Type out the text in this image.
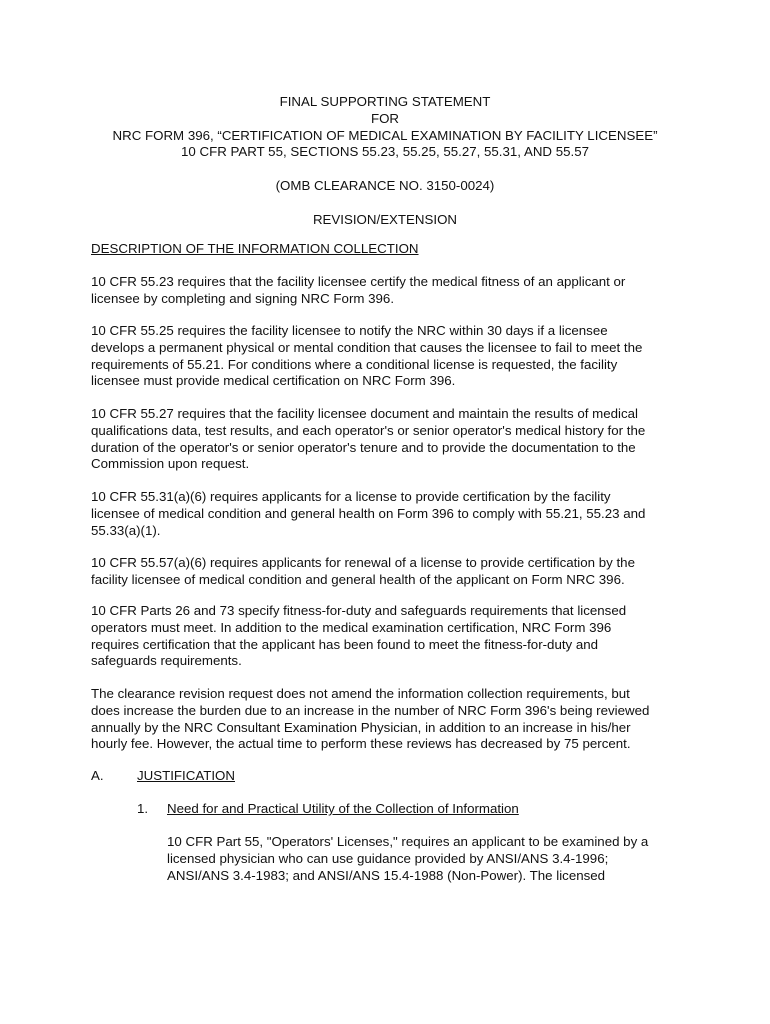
FINAL SUPPORTING STATEMENT
FOR
NRC FORM 396, “CERTIFICATION OF MEDICAL EXAMINATION BY FACILITY LICENSEE”
10 CFR PART 55, SECTIONS 55.23, 55.25, 55.27, 55.31, AND 55.57
(OMB CLEARANCE NO. 3150-0024)
REVISION/EXTENSION
DESCRIPTION OF THE INFORMATION COLLECTION
10 CFR 55.23 requires that the facility licensee certify the medical fitness of an applicant or
licensee by completing and signing NRC Form 396.
10 CFR 55.25 requires the facility licensee to notify the NRC within 30 days if a licensee
develops a permanent physical or mental condition that causes the licensee to fail to meet the
requirements of 55.21. For conditions where a conditional license is requested, the facility
licensee must provide medical certification on NRC Form 396.
10 CFR 55.27 requires that the facility licensee document and maintain the results of medical
qualifications data, test results, and each operator's or senior operator's medical history for the
duration of the operator's or senior operator's tenure and to provide the documentation to the
Commission upon request.
10 CFR 55.31(a)(6) requires applicants for a license to provide certification by the facility
licensee of medical condition and general health on Form 396 to comply with 55.21, 55.23 and
55.33(a)(1).
10 CFR 55.57(a)(6) requires applicants for renewal of a license to provide certification by the
facility licensee of medical condition and general health of the applicant on Form NRC 396.
10 CFR Parts 26 and 73 specify fitness-for-duty and safeguards requirements that licensed
operators must meet. In addition to the medical examination certification, NRC Form 396
requires certification that the applicant has been found to meet the fitness-for-duty and
safeguards requirements.
The clearance revision request does not amend the information collection requirements, but
does increase the burden due to an increase in the number of NRC Form 396's being reviewed
annually by the NRC Consultant Examination Physician, in addition to an increase in his/her
hourly fee. However, the actual time to perform these reviews has decreased by 75 percent.
A.	JUSTIFICATION
1. Need for and Practical Utility of the Collection of Information
10 CFR Part 55, "Operators' Licenses," requires an applicant to be examined by a
licensed physician who can use guidance provided by ANSI/ANS 3.4-1996;
ANSI/ANS 3.4-1983; and ANSI/ANS 15.4-1988 (Non-Power). The licensed
